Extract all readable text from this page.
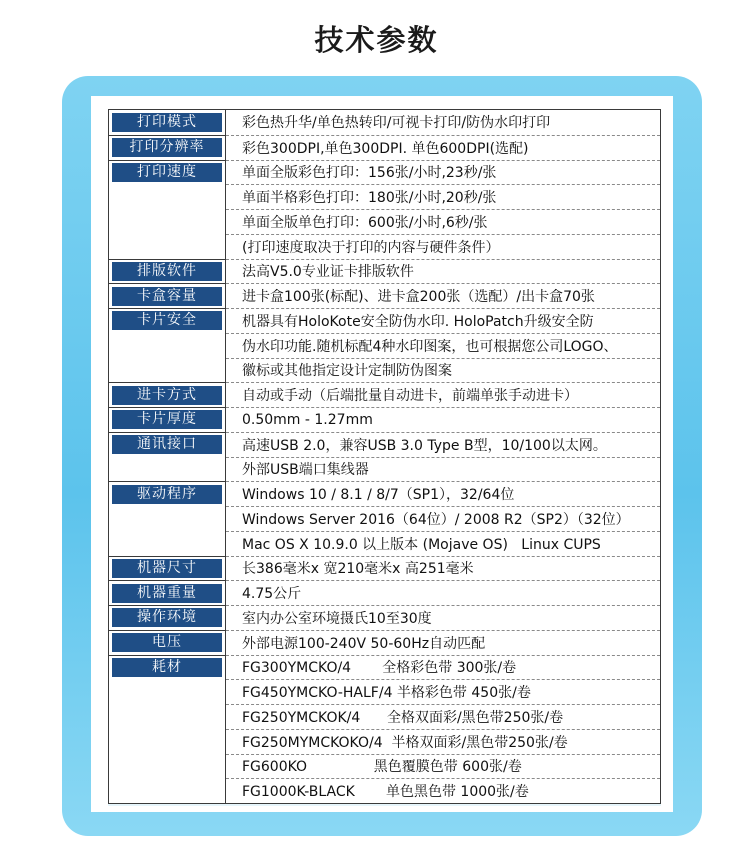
技术参数
打印模式	彩色热升华/单色热转印/可视卡打印/防伪水印打印
打印分辨率	彩色300DPI,单色300DPI. 单色600DPI(选配)
打印速度	单面全版彩色打印：156张/小时,23秒/张
单面半格彩色打印：180张/小时,20秒/张
单面全版单色打印：600张/小时,6秒/张
(打印速度取决于打印的内容与硬件条件）
排版软件	法高V5.0专业证卡排版软件
卡盒容量	进卡盒100张(标配)、进卡盒200张（选配）/出卡盒70张
卡片安全	机器具有HoloKote安全防伪水印. HoloPatch升级安全防
伪水印功能.随机标配4种水印图案，也可根据您公司LOGO、
徽标或其他指定设计定制防伪图案
进卡方式	自动或手动（后端批量自动进卡，前端单张手动进卡）
卡片厚度	0.50mm - 1.27mm
通讯接口	高速USB 2.0，兼容USB 3.0 Type B型，10/100以太网。
外部USB端口集线器
驱动程序	Windows 10 / 8.1 / 8/7（SP1），32/64位
Windows Server 2016（64位）/ 2008 R2（SP2）（32位）
Mac OS X 10.9.0 以上版本 (Mojave OS)   Linux CUPS
机器尺寸	长386毫米x 宽210毫米x 高251毫米
机器重量	4.75公斤
操作环境	室内办公室环境摄氏10至30度
电压	外部电源100-240V 50-60Hz自动匹配
耗材	FG300YMCKO/4       全格彩色带 300张/卷
FG450YMCKO-HALF/4 半格彩色带 450张/卷
FG250YMCKOK/4      全格双面彩/黑色带250张/卷
FG250MYMCKOKO/4  半格双面彩/黑色带250张/卷
FG600KO               黑色覆膜色带 600张/卷
FG1000K-BLACK       单色黑色带 1000张/卷
